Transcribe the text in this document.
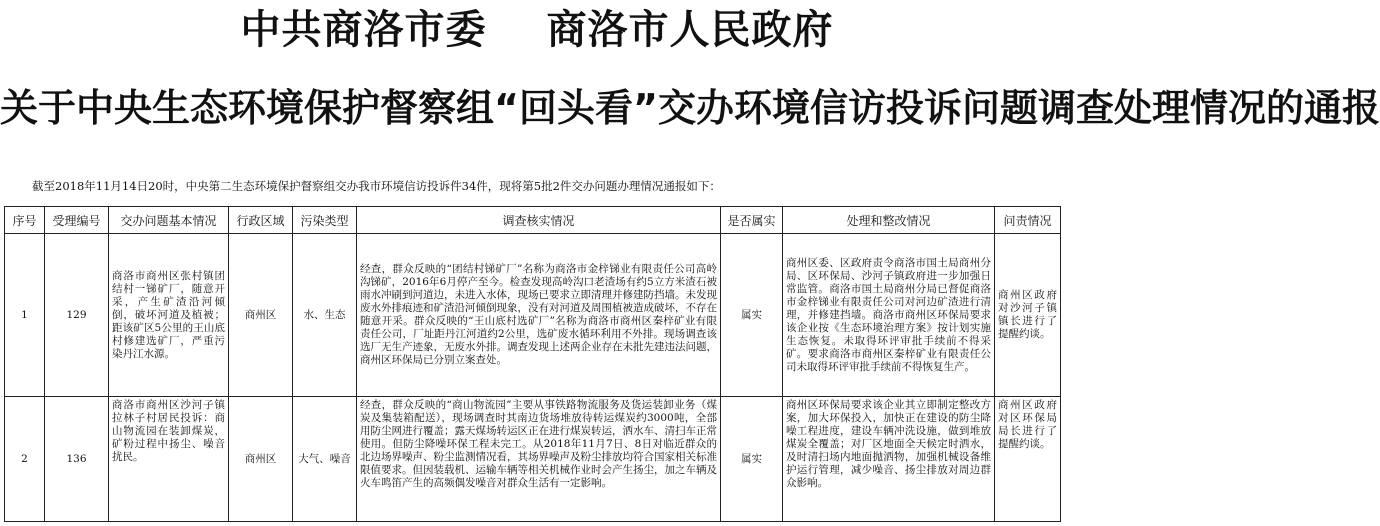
中共商洛市委 商洛市人民政府
关于中央生态环境保护督察组“回头看”交办环境信访投诉问题调查处理情况的通报
截至2018年11月14日20时，中央第二生态环境保护督察组交办我市环境信访投诉件34件，现将第5批2件交办问题办理情况通报如下：
序号	受理编号	交办问题基本情况	行政区域	污染类型	调查核实情况	是否属实	处理和整改情况	问责情况
1	129	商洛市商州区张村镇团结村一锑矿厂，随意开采，产生矿渣沿河倾倒，破坏河道及植被；距该矿区5公里的王山底村修建选矿厂，严重污染丹江水源。	商州区	水、生态	经查，群众反映的“团结村锑矿厂”名称为商洛市金梓锑业有限责任公司高岭沟锑矿，2016年6月停产至今。检查发现高岭沟口老渣场有约5立方米渣石被雨水冲刷到河道边，未进入水体，现场已要求立即清理并修建防挡墙。未发现废水外排痕迹和矿渣沿河倾倒现象，没有对河道及周围植被造成破坏，不存在随意开采。群众反映的“王山底村选矿厂”名称为商洛市商州区秦梓矿业有限责任公司，厂址距丹江河道约2公里，选矿废水循环利用不外排。现场调查该选厂无生产迹象，无废水外排。调查发现上述两企业存在未批先建违法问题，商州区环保局已分别立案查处。	属实	商州区委、区政府责令商洛市国土局商州分局、区环保局、沙河子镇政府进一步加强日常监管。商洛市国土局商州分局已督促商洛市金梓锑业有限责任公司对河边矿渣进行清理，并修建挡墙。商洛市商州区环保局要求该企业按《生态环境治理方案》按计划实施生态恢复。未取得环评审批手续前不得采矿。要求商洛市商州区秦梓矿业有限责任公司未取得环评审批手续前不得恢复生产。	商州区政府对沙河子镇镇长进行了提醒约谈。
2	136	商洛市商州区沙河子镇拉林子村居民投诉：商山物流园在装卸煤炭，矿粉过程中扬尘、噪音扰民。	商州区	大气、噪音	经查，群众反映的“商山物流园”主要从事铁路物流服务及货运装卸业务（煤炭及集装箱配送），现场调查时其南边货场堆放待转运煤炭约3000吨，全部用防尘网进行覆盖；露天煤场转运区正在进行煤炭转运，洒水车、清扫车正常使用。但防尘降噪环保工程未完工。从2018年11月7日、8日对临近群众的北边场界噪声、粉尘监测情况看，其场界噪声及粉尘排放均符合国家相关标准限值要求。但因装载机、运输车辆等相关机械作业时会产生扬尘，加之车辆及火车鸣笛产生的高频偶发噪音对群众生活有一定影响。	属实	商州区环保局要求该企业其立即制定整改方案，加大环保投入，加快正在建设的防尘降噪工程进度，建设车辆冲洗设施，做到堆放煤炭全覆盖；对厂区地面全天候定时洒水，及时清扫场内地面抛洒物，加强机械设备维护运行管理，减少噪音、扬尘排放对周边群众影响。	商州区政府对区环保局局长进行了提醒约谈。
